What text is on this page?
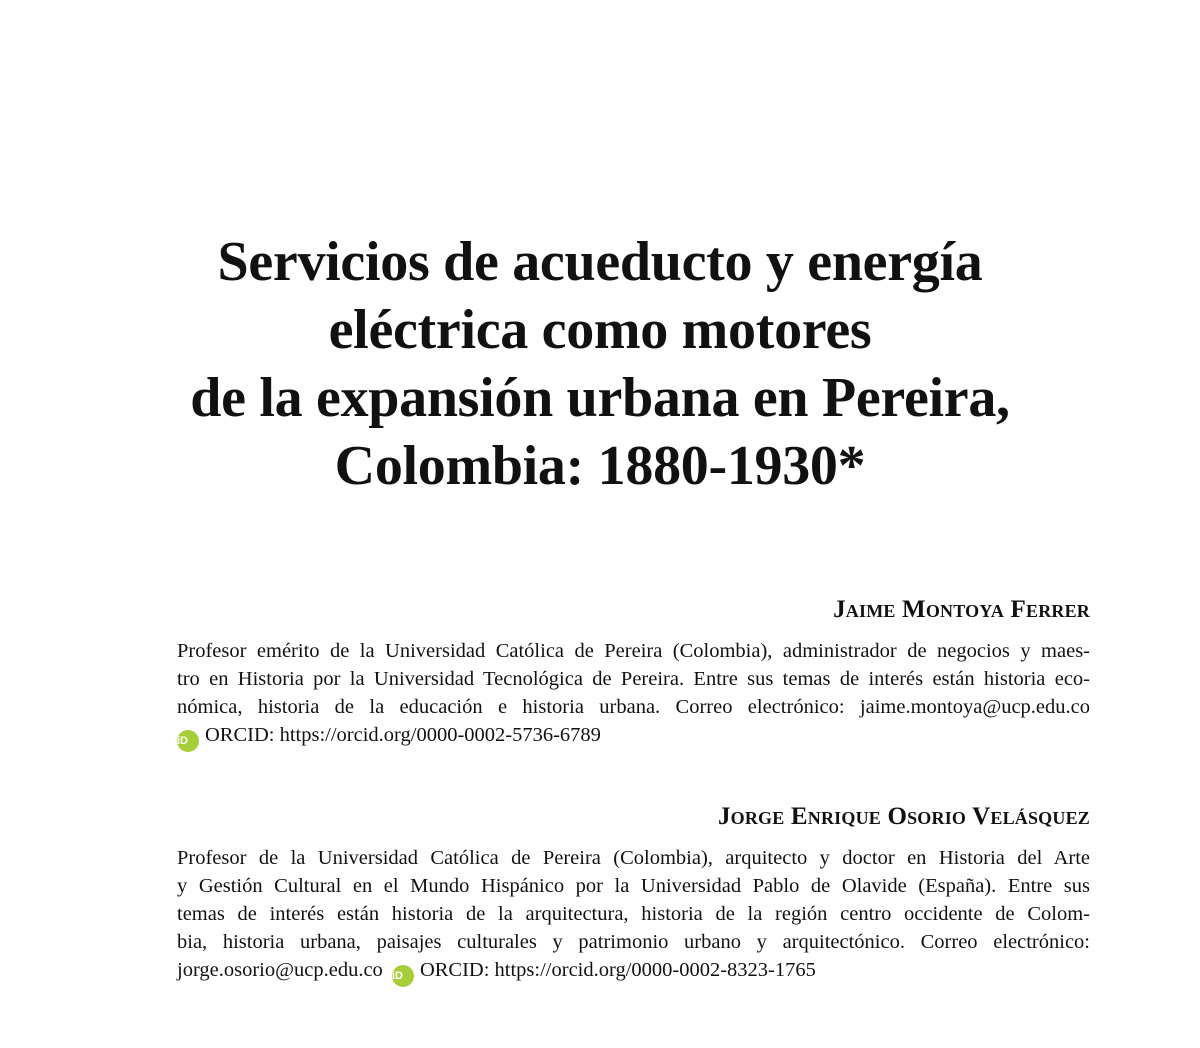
Servicios de acueducto y energía
eléctrica como motores
de la expansión urbana en Pereira,
Colombia: 1880-1930*
Jaime Montoya Ferrer
Profesor emérito de la Universidad Católica de Pereira (Colombia), administrador de negocios y maes-
tro en Historia por la Universidad Tecnológica de Pereira. Entre sus temas de interés están historia eco-
nómica, historia de la educación e historia urbana. Correo electrónico: jaime.montoya@ucp.edu.co
iD ORCID: https://orcid.org/0000-0002-5736-6789
Jorge Enrique Osorio Velásquez
Profesor de la Universidad Católica de Pereira (Colombia), arquitecto y doctor en Historia del Arte
y Gestión Cultural en el Mundo Hispánico por la Universidad Pablo de Olavide (España). Entre sus
temas de interés están historia de la arquitectura, historia de la región centro occidente de Colom-
bia, historia urbana, paisajes culturales y patrimonio urbano y arquitectónico. Correo electrónico:
jorge.osorio@ucp.edu.co iD ORCID: https://orcid.org/0000-0002-8323-1765
